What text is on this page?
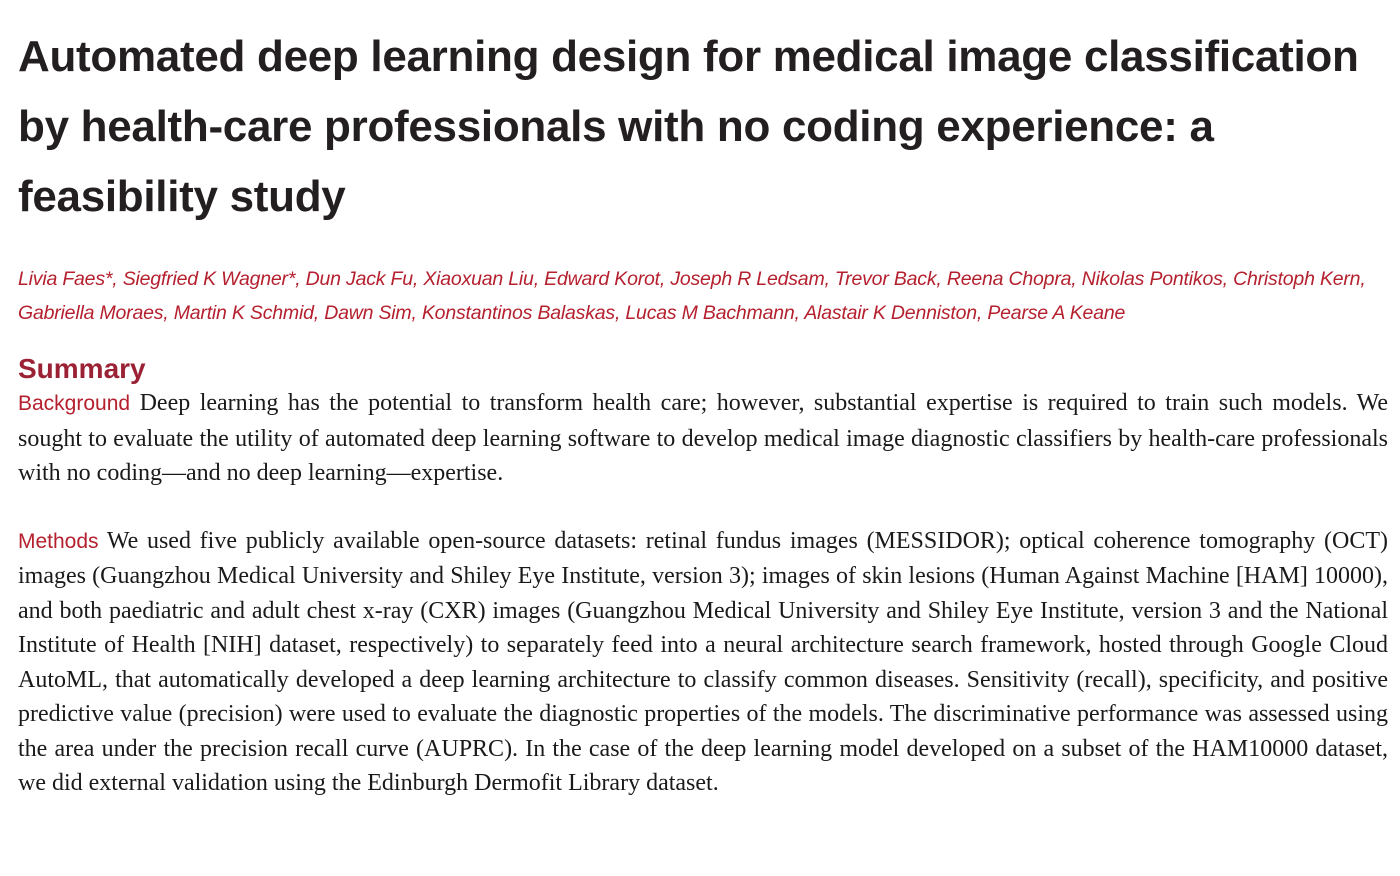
Automated deep learning design for medical image classification by health-care professionals with no coding experience: a feasibility study

Livia Faes*, Siegfried K Wagner*, Dun Jack Fu, Xiaoxuan Liu, Edward Korot, Joseph R Ledsam, Trevor Back, Reena Chopra, Nikolas Pontikos, Christoph Kern, Gabriella Moraes, Martin K Schmid, Dawn Sim, Konstantinos Balaskas, Lucas M Bachmann, Alastair K Denniston, Pearse A Keane

Summary

Background Deep learning has the potential to transform health care; however, substantial expertise is required to train such models. We sought to evaluate the utility of automated deep learning software to develop medical image diagnostic classifiers by health-care professionals with no coding—and no deep learning—expertise.

Methods We used five publicly available open-source datasets: retinal fundus images (MESSIDOR); optical coherence tomography (OCT) images (Guangzhou Medical University and Shiley Eye Institute, version 3); images of skin lesions (Human Against Machine [HAM] 10000), and both paediatric and adult chest x-ray (CXR) images (Guangzhou Medical University and Shiley Eye Institute, version 3 and the National Institute of Health [NIH] dataset, respectively) to separately feed into a neural architecture search framework, hosted through Google Cloud AutoML, that automatically developed a deep learning architecture to classify common diseases. Sensitivity (recall), specificity, and positive predictive value (precision) were used to evaluate the diagnostic properties of the models. The discriminative performance was assessed using the area under the precision recall curve (AUPRC). In the case of the deep learning model developed on a subset of the HAM10000 dataset, we did external validation using the Edinburgh Dermofit Library dataset.
